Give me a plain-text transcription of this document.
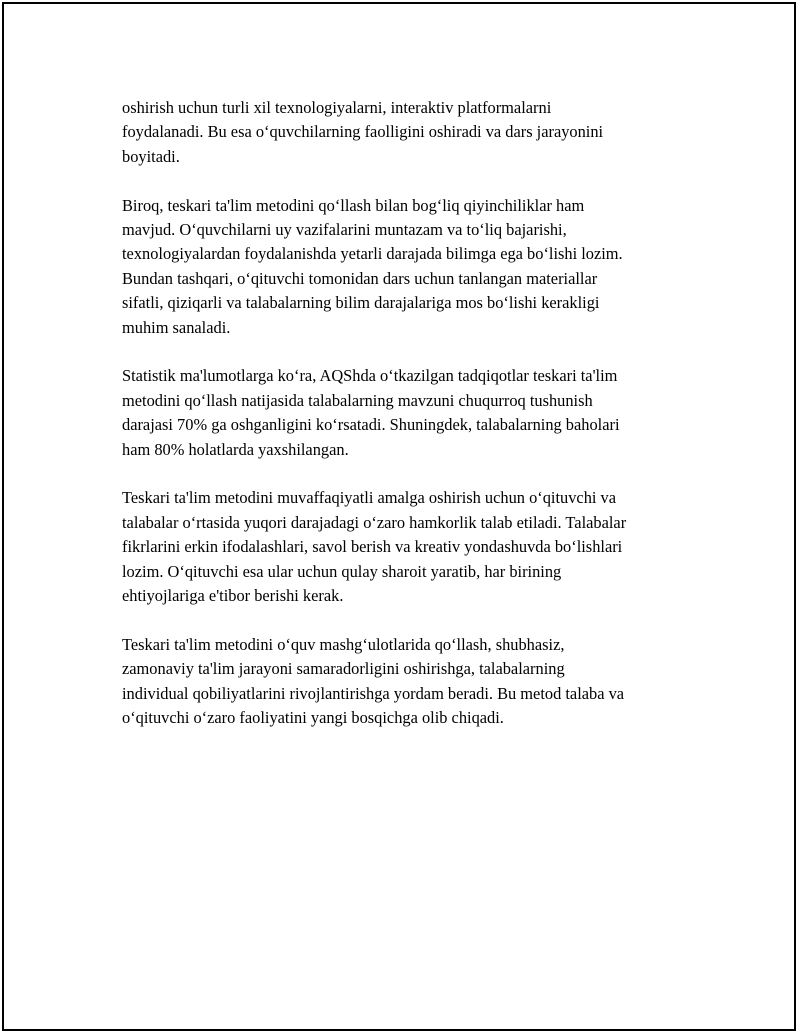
oshirish uchun turli xil texnologiyalarni, interaktiv platformalarni
foydalanadi. Bu esa o‘quvchilarning faolligini oshiradi va dars jarayonini
boyitadi.

Biroq, teskari ta'lim metodini qo‘llash bilan bog‘liq qiyinchiliklar ham
mavjud. O‘quvchilarni uy vazifalarini muntazam va to‘liq bajarishi,
texnologiyalardan foydalanishda yetarli darajada bilimga ega bo‘lishi lozim.
Bundan tashqari, o‘qituvchi tomonidan dars uchun tanlangan materiallar
sifatli, qiziqarli va talabalarning bilim darajalariga mos bo‘lishi kerakligi
muhim sanaladi.

Statistik ma'lumotlarga ko‘ra, AQShda o‘tkazilgan tadqiqotlar teskari ta'lim
metodini qo‘llash natijasida talabalarning mavzuni chuqurroq tushunish
darajasi 70% ga oshganligini ko‘rsatadi. Shuningdek, talabalarning baholari
ham 80% holatlarda yaxshilangan.

Teskari ta'lim metodini muvaffaqiyatli amalga oshirish uchun o‘qituvchi va
talabalar o‘rtasida yuqori darajadagi o‘zaro hamkorlik talab etiladi. Talabalar
fikrlarini erkin ifodalashlari, savol berish va kreativ yondashuvda bo‘lishlari
lozim. O‘qituvchi esa ular uchun qulay sharoit yaratib, har birining
ehtiyojlariga e'tibor berishi kerak.

Teskari ta'lim metodini o‘quv mashg‘ulotlarida qo‘llash, shubhasiz,
zamonaviy ta'lim jarayoni samaradorligini oshirishga, talabalarning
individual qobiliyatlarini rivojlantirishga yordam beradi. Bu metod talaba va
o‘qituvchi o‘zaro faoliyatini yangi bosqichga olib chiqadi.
